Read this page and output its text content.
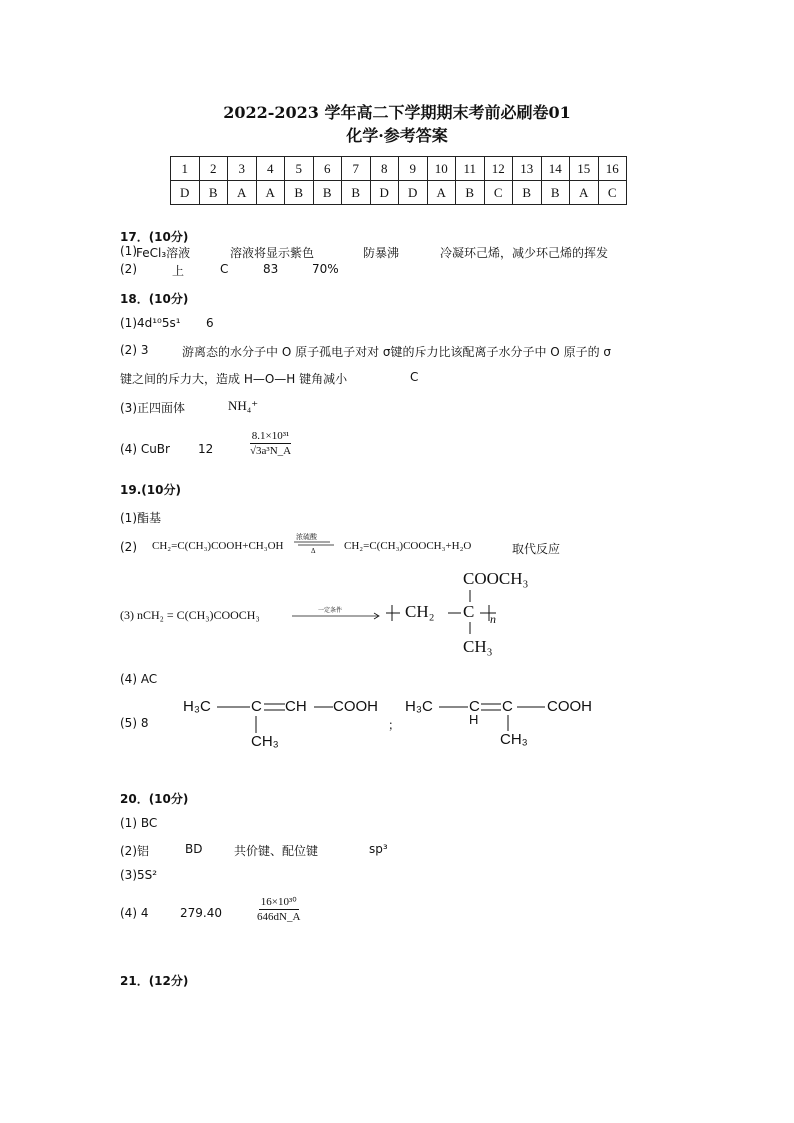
2022-2023 学年高二下学期期末考前必刷卷01
化学·参考答案
1	2	3	4	5	6	7	8	9	10	11	12	13	14	15	16
D	B	A	A	B	B	B	D	D	A	B	C	B	B	A	C
17．(10分)
(1) FeCl₃溶液	溶液将显示紫色	防暴沸	冷凝环己烯，减少环己烯的挥发
(2)	上	C	83	70%
18．(10分)
(1)4d¹⁰5s¹ 6
(2) 3	游离态的水分子中 O 原子孤电子对对 σ键的斥力比该配离子水分子中 O 原子的 σ
键之间的斥力大，造成 H—O—H 键角减小	C
(3)正四面体	NH₄⁺
(4) CuBr 12	$\frac{\text{8.1×10³¹}}{\text{√3a³N\_A}}$
19.(10分)
(1)酯基
(2) CH₂=C(CH₃)COOH+CH₃OH
浓硫酸
Δ	CH₂=C(CH₃)COOCH₃+H₂O	取代反应
(3) nCH₂ = C(CH₃)COOCH₃	一定条件
COOCH₃
CH₂ C n
CH₃
(4) AC
(5) 8
H₃C	C CH COOH
CH₃
；
H₃C C
H
C COOH
CH₃
20．(10分)
(1) BC
(2)铝	BD	共价键、配位键	sp³
(3)5S²
(4) 4	279.40	$\frac{\text{16×10³⁰}}{646dN\_A}$
21．(12分)
